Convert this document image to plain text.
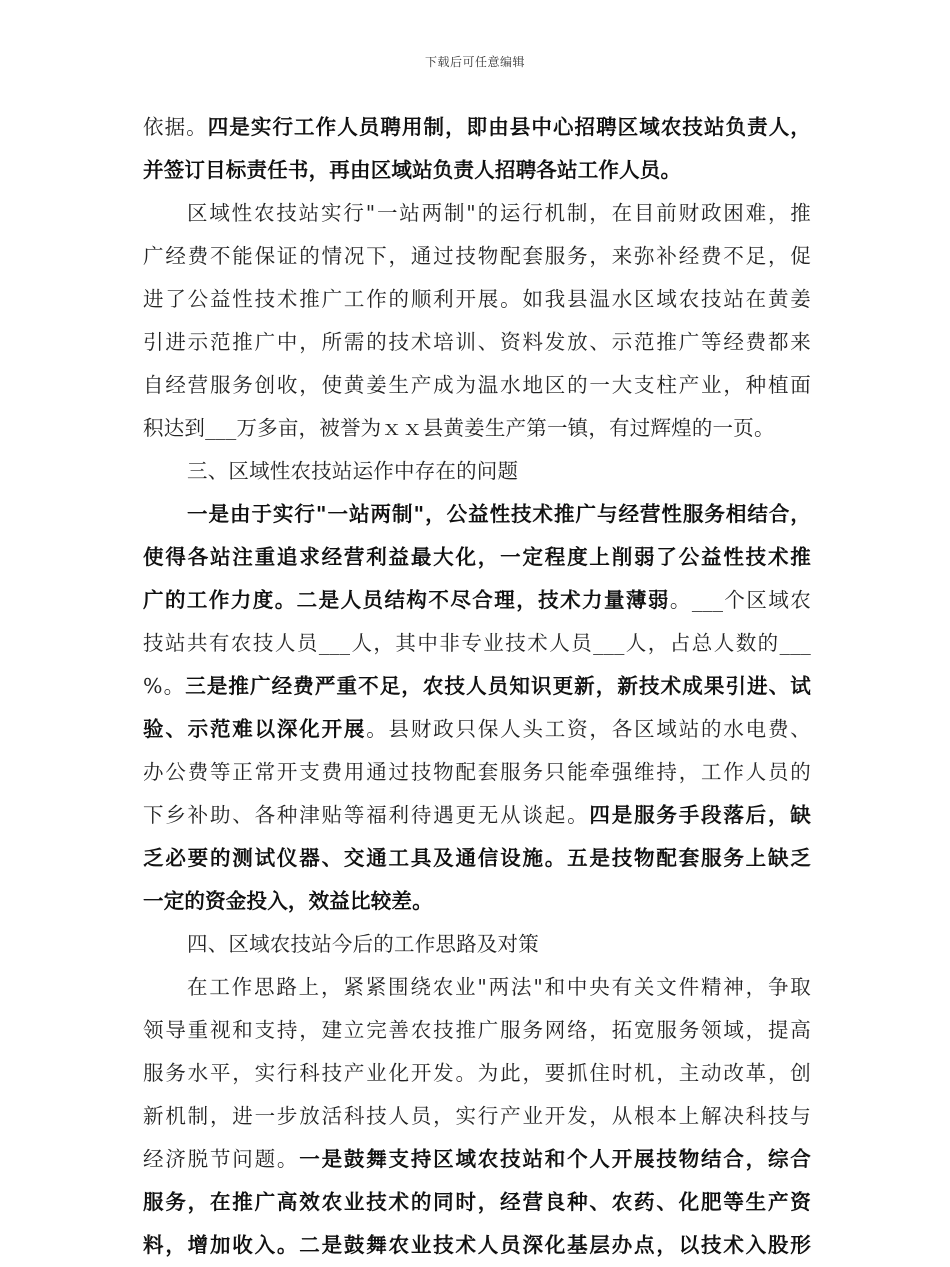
下载后可任意编辑
依据。四是实行工作人员聘用制，即由县中心招聘区域农技站负责人，
并签订目标责任书，再由区域站负责人招聘各站工作人员。
区域性农技站实行"一站两制"的运行机制，在目前财政困难，推
广经费不能保证的情况下，通过技物配套服务，来弥补经费不足，促
进了公益性技术推广工作的顺利开展。如我县温水区域农技站在黄姜
引进示范推广中，所需的技术培训、资料发放、示范推广等经费都来
自经营服务创收，使黄姜生产成为温水地区的一大支柱产业，种植面
积达到___万多亩，被誉为ｘｘ县黄姜生产第一镇，有过辉煌的一页。
三、区域性农技站运作中存在的问题
一是由于实行"一站两制"，公益性技术推广与经营性服务相结合，
使得各站注重追求经营利益最大化，一定程度上削弱了公益性技术推
广的工作力度。二是人员结构不尽合理，技术力量薄弱。___个区域农
技站共有农技人员___人，其中非专业技术人员___人，占总人数的___
%。三是推广经费严重不足，农技人员知识更新，新技术成果引进、试
验、示范难以深化开展。县财政只保人头工资，各区域站的水电费、
办公费等正常开支费用通过技物配套服务只能牵强维持，工作人员的
下乡补助、各种津贴等福利待遇更无从谈起。四是服务手段落后，缺
乏必要的测试仪器、交通工具及通信设施。五是技物配套服务上缺乏
一定的资金投入，效益比较差。
四、区域农技站今后的工作思路及对策
在工作思路上，紧紧围绕农业"两法"和中央有关文件精神，争取
领导重视和支持，建立完善农技推广服务网络，拓宽服务领域，提高
服务水平，实行科技产业化开发。为此，要抓住时机，主动改革，创
新机制，进一步放活科技人员，实行产业开发，从根本上解决科技与
经济脱节问题。一是鼓舞支持区域农技站和个人开展技物结合，综合
服务，在推广高效农业技术的同时，经营良种、农药、化肥等生产资
料，增加收入。二是鼓舞农业技术人员深化基层办点，以技术入股形
